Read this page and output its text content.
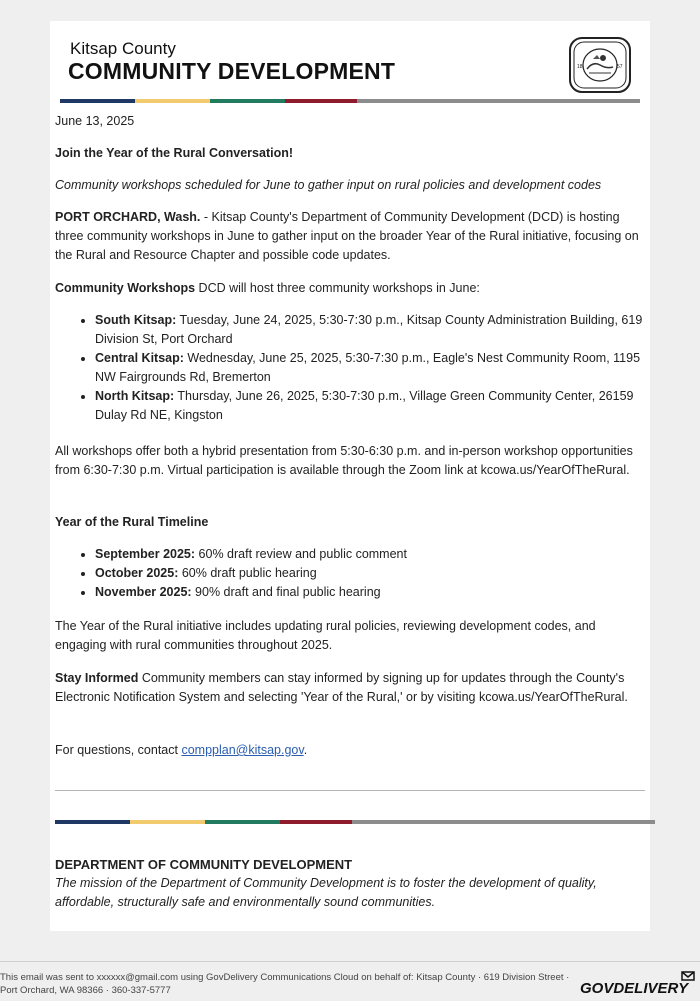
Kitsap County
COMMUNITY DEVELOPMENT	18	57

June 13, 2025

Join the Year of the Rural Conversation!

Community workshops scheduled for June to gather input on rural policies and development codes

PORT ORCHARD, Wash. - Kitsap County's Department of Community Development (DCD) is hosting three community workshops in June to gather input on the broader Year of the Rural initiative, focusing on the Rural and Resource Chapter and possible code updates.

Community Workshops DCD will host three community workshops in June:

• South Kitsap: Tuesday, June 24, 2025, 5:30-7:30 p.m., Kitsap County Administration Building, 619 Division St, Port Orchard
• Central Kitsap: Wednesday, June 25, 2025, 5:30-7:30 p.m., Eagle's Nest Community Room, 1195 NW Fairgrounds Rd, Bremerton
• North Kitsap: Thursday, June 26, 2025, 5:30-7:30 p.m., Village Green Community Center, 26159 Dulay Rd NE, Kingston

All workshops offer both a hybrid presentation from 5:30-6:30 p.m. and in-person workshop opportunities from 6:30-7:30 p.m. Virtual participation is available through the Zoom link at kcowa.us/YearOfTheRural.

Year of the Rural Timeline

• September 2025: 60% draft review and public comment
• October 2025: 60% draft public hearing
• November 2025: 90% draft and final public hearing

The Year of the Rural initiative includes updating rural policies, reviewing development codes, and engaging with rural communities throughout 2025.

Stay Informed Community members can stay informed by signing up for updates through the County's Electronic Notification System and selecting 'Year of the Rural,' or by visiting kcowa.us/YearOfTheRural.

For questions, contact compplan@kitsap.gov.

DEPARTMENT OF COMMUNITY DEVELOPMENT

The mission of the Department of Community Development is to foster the development of quality, affordable, structurally safe and environmentally sound communities.

This email was sent to xxxxxx@gmail.com using GovDelivery Communications Cloud on behalf of: Kitsap County · 619 Division Street · Port Orchard, WA 98366 · 360-337-5777	GOVDELIVERY
